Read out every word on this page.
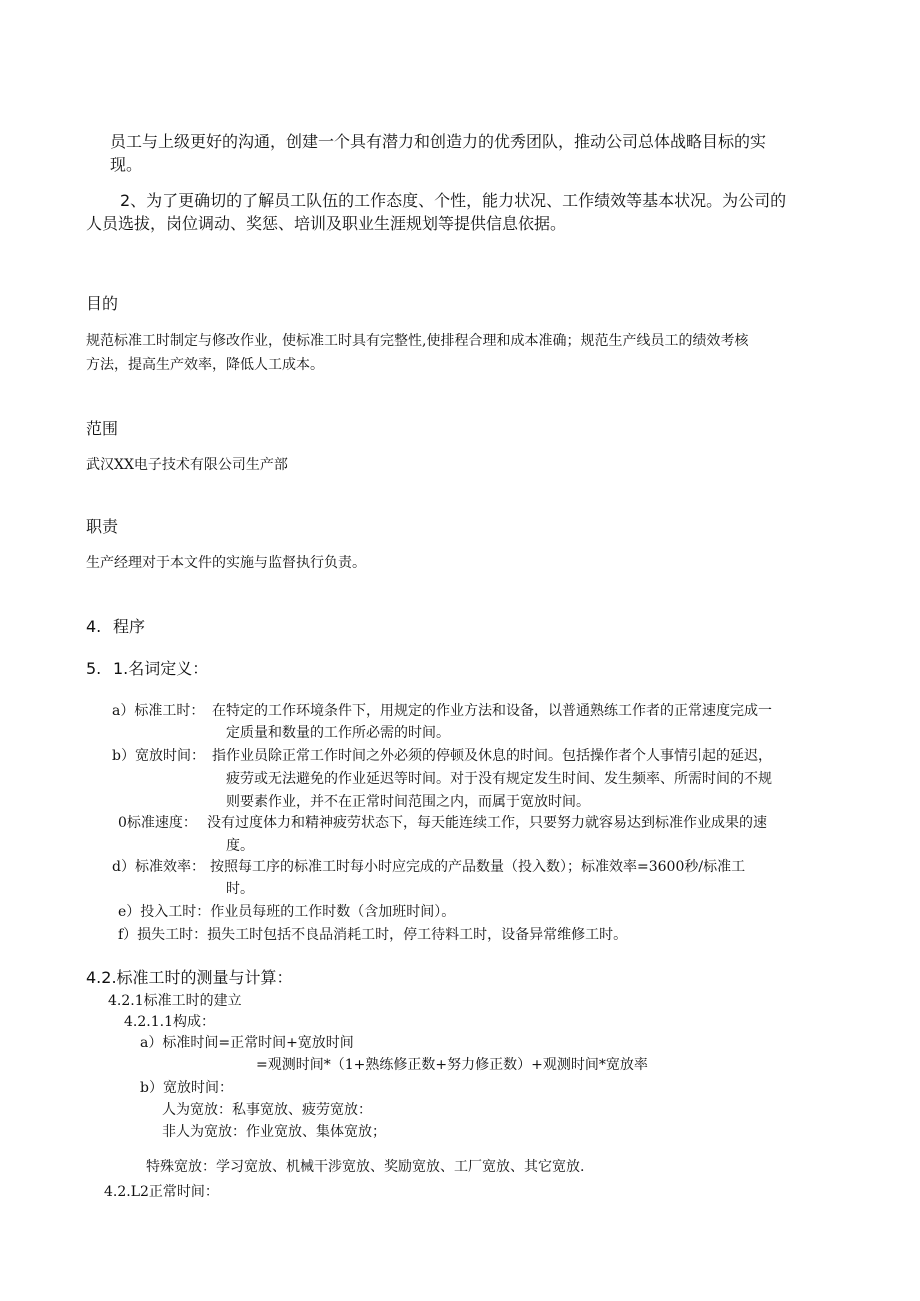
员工与上级更好的沟通，创建一个具有潜力和创造力的优秀团队，推动公司总体战略目标的实
现。
2、为了更确切的了解员工队伍的工作态度、个性，能力状况、工作绩效等基本状况。为公司的
人员选拔，岗位调动、奖惩、培训及职业生涯规划等提供信息依据。
目的
规范标准工时制定与修改作业，使标准工时具有完整性,使排程合理和成本准确；规范生产线员工的绩效考核
方法，提高生产效率，降低人工成本。
范围
武汉XX电子技术有限公司生产部
职责
生产经理对于本文件的实施与监督执行负责。
4. 程序
5. 1.名词定义：
a）标准工时： 在特定的工作环境条件下，用规定的作业方法和设备，以普通熟练工作者的正常速度完成一
定质量和数量的工作所必需的时间。
b）宽放时间： 指作业员除正常工作时间之外必须的停顿及休息的时间。包括操作者个人事情引起的延迟，
疲劳或无法避免的作业延迟等时间。对于没有规定发生时间、发生频率、所需时间的不规
则要素作业，并不在正常时间范围之内，而属于宽放时间。
0标准速度： 没有过度体力和精神疲劳状态下，每天能连续工作，只要努力就容易达到标准作业成果的速
度。
d）标准效率： 按照每工序的标准工时每小时应完成的产品数量（投入数）；标准效率=3600秒/标准工
时。
e）投入工时：作业员每班的工作时数（含加班时间）。
f）损失工时：损失工时包括不良品消耗工时，停工待料工时，设备异常维修工时。
4.2.标准工时的测量与计算：
4.2.1标准工时的建立
4.2.1.1构成：
a）标准时间=正常时间+宽放时间
=观测时间*（1+熟练修正数+努力修正数）+观测时间*宽放率
b）宽放时间：
人为宽放：私事宽放、疲劳宽放：
非人为宽放：作业宽放、集体宽放；
特殊宽放：学习宽放、机械干涉宽放、奖励宽放、工厂宽放、其它宽放.
4.2.L2正常时间：
